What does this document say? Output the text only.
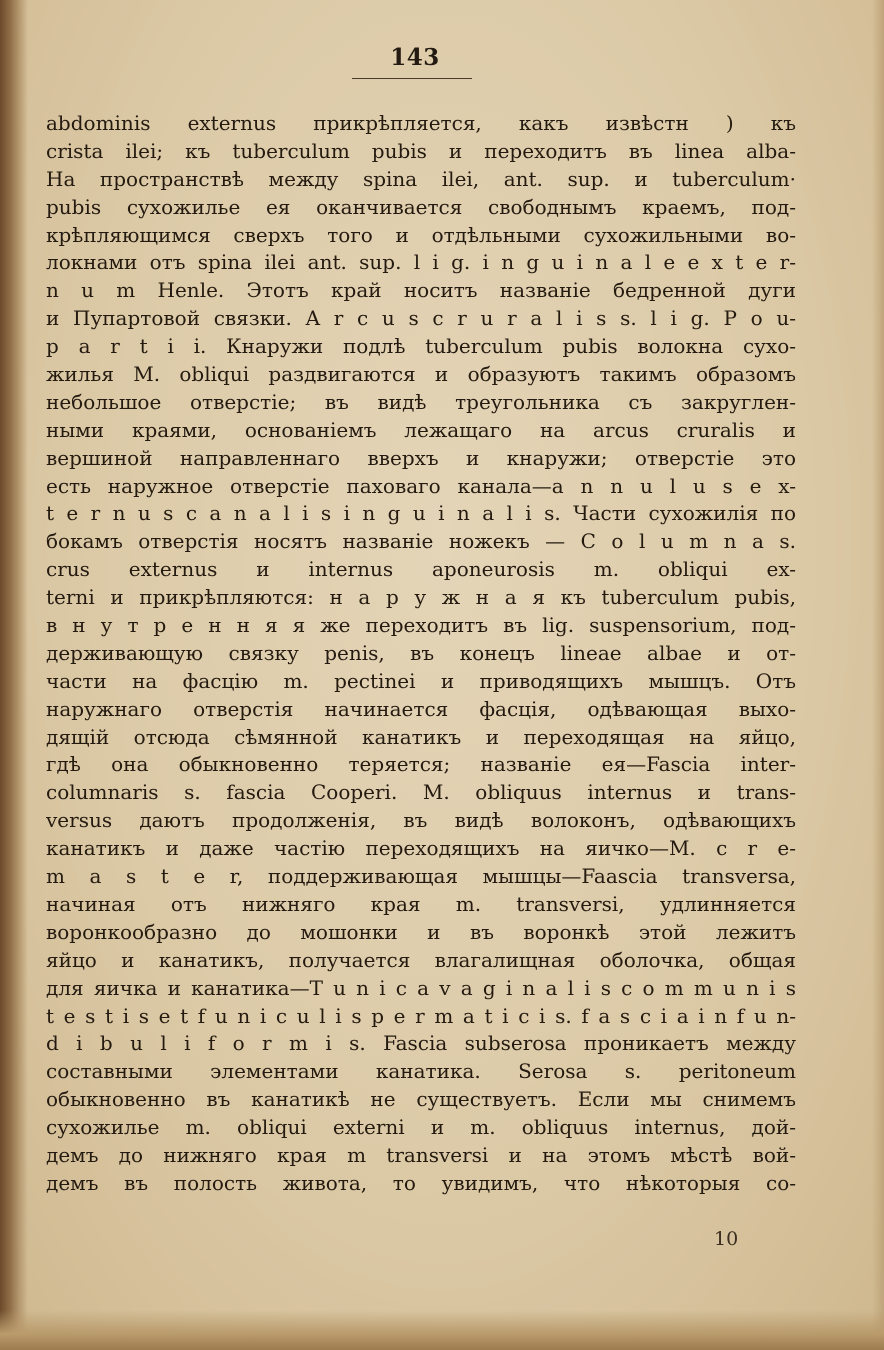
143
abdominis externus прикрѣпляется, какъ извѣстн ) къ
crista ilei; къ tuberculum pubis и переходитъ въ linea alba-
На пространствѣ между spina ilei, ant. sup. и tuberculum·
pubis сухожилье ея оканчивается свободнымъ краемъ, под-
крѣпляющимся сверхъ того и отдѣльными сухожильными во-
локнами отъ spina ilei ant. sup. l i g. i n g u i n a l e e x t e r-
n u m Henle. Этотъ край носитъ названіе бедренной дуги
и Пупартовой связки. A r c u s c r u r a l i s s. l i g. P o u-
p a r t i i. Кнаружи подлѣ tuberculum pubis волокна сухо-
жилья M. obliqui раздвигаются и образуютъ такимъ образомъ
небольшое отверстіе; въ видѣ треугольника съ закруглен-
ными краями, основаніемъ лежащаго на arcus cruralis и
вершиной направленнаго вверхъ и кнаружи; отверстіе это
есть наружное отверстіе паховаго канала—a n n u l u s e x-
t e r n u s c a n a l i s i n g u i n a l i s. Части сухожилія по
бокамъ отверстія носятъ названіе ножекъ — C o l u m n a s.
crus externus и internus aponeurosis m. obliqui ex-
terni и прикрѣпляются: н а р у ж н а я къ tuberculum pubis,
в н у т р е н н я я же переходитъ въ lig. suspensorium, под-
держивающую связку penis, въ конецъ lineae albae и от-
части на фасцію m. pectinei и приводящихъ мышцъ. Отъ
наружнаго отверстія начинается фасція, одѣвающая выхо-
дящій отсюда сѣмянной канатикъ и переходящая на яйцо,
гдѣ она обыкновенно теряется; названіе ея—Fascia inter-
columnaris s. fascia Cooperi. M. obliquus internus и trans-
versus даютъ продолженія, въ видѣ волоконъ, одѣвающихъ
канатикъ и даже частію переходящихъ на яичко—M. c r e-
m a s t e r, поддерживающая мышцы—Faascia transversa,
начиная отъ нижняго края m. transversi, удлинняется
воронкообразно до мошонки и въ воронкѣ этой лежитъ
яйцо и канатикъ, получается влагалищная оболочка, общая
для яичка и канатика—T u n i c a v a g i n a l i s c o m m u n i s
t e s t i s e t f u n i c u l i s p e r m a t i c i s. f a s c i a i n f u n-
d i b u l i f o r m i s. Fascia subserosa проникаетъ между
составными элементами канатика. Serosa s. peritoneum
обыкновенно въ канатикѣ не существуетъ. Если мы снимемъ
сухожилье m. obliqui externi и m. obliquus internus, дой-
демъ до нижняго края m transversi и на этомъ мѣстѣ вой-
демъ въ полость живота, то увидимъ, что нѣкоторыя со-
10
